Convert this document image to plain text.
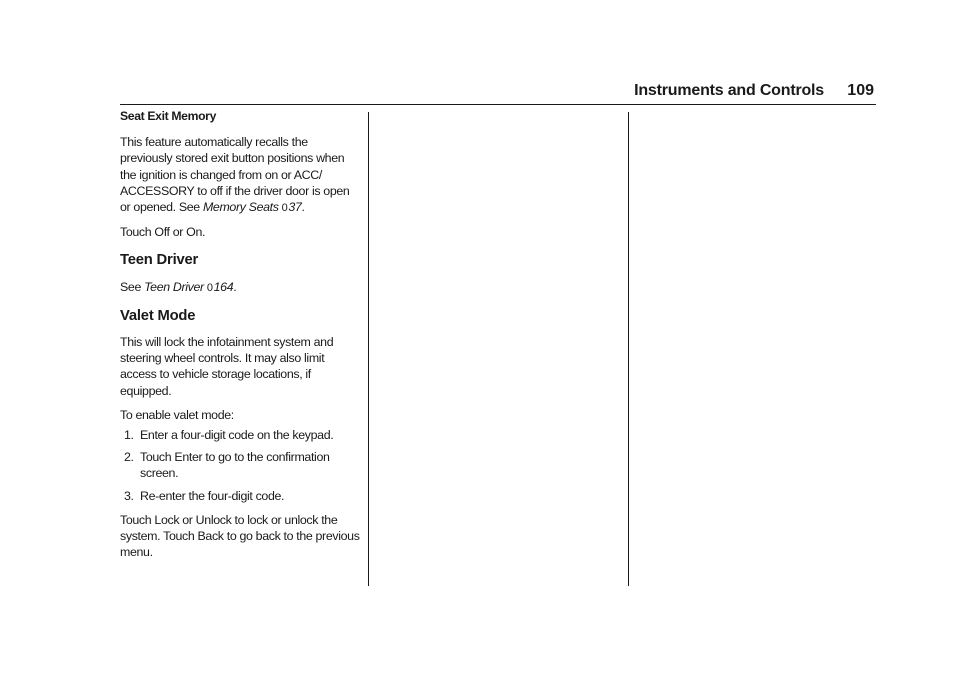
Instruments and Controls 109
Seat Exit Memory

This feature automatically recalls the previously stored exit button positions when the ignition is changed from on or ACC/ ACCESSORY to off if the driver door is open or opened. See Memory Seats 037.

Touch Off or On.

Teen Driver

See Teen Driver 0164.

Valet Mode

This will lock the infotainment system and steering wheel controls. It may also limit access to vehicle storage locations, if equipped.

To enable valet mode:

1. Enter a four-digit code on the keypad.
2. Touch Enter to go to the confirmation screen.
3. Re-enter the four-digit code.

Touch Lock or Unlock to lock or unlock the system. Touch Back to go back to the previous menu.
